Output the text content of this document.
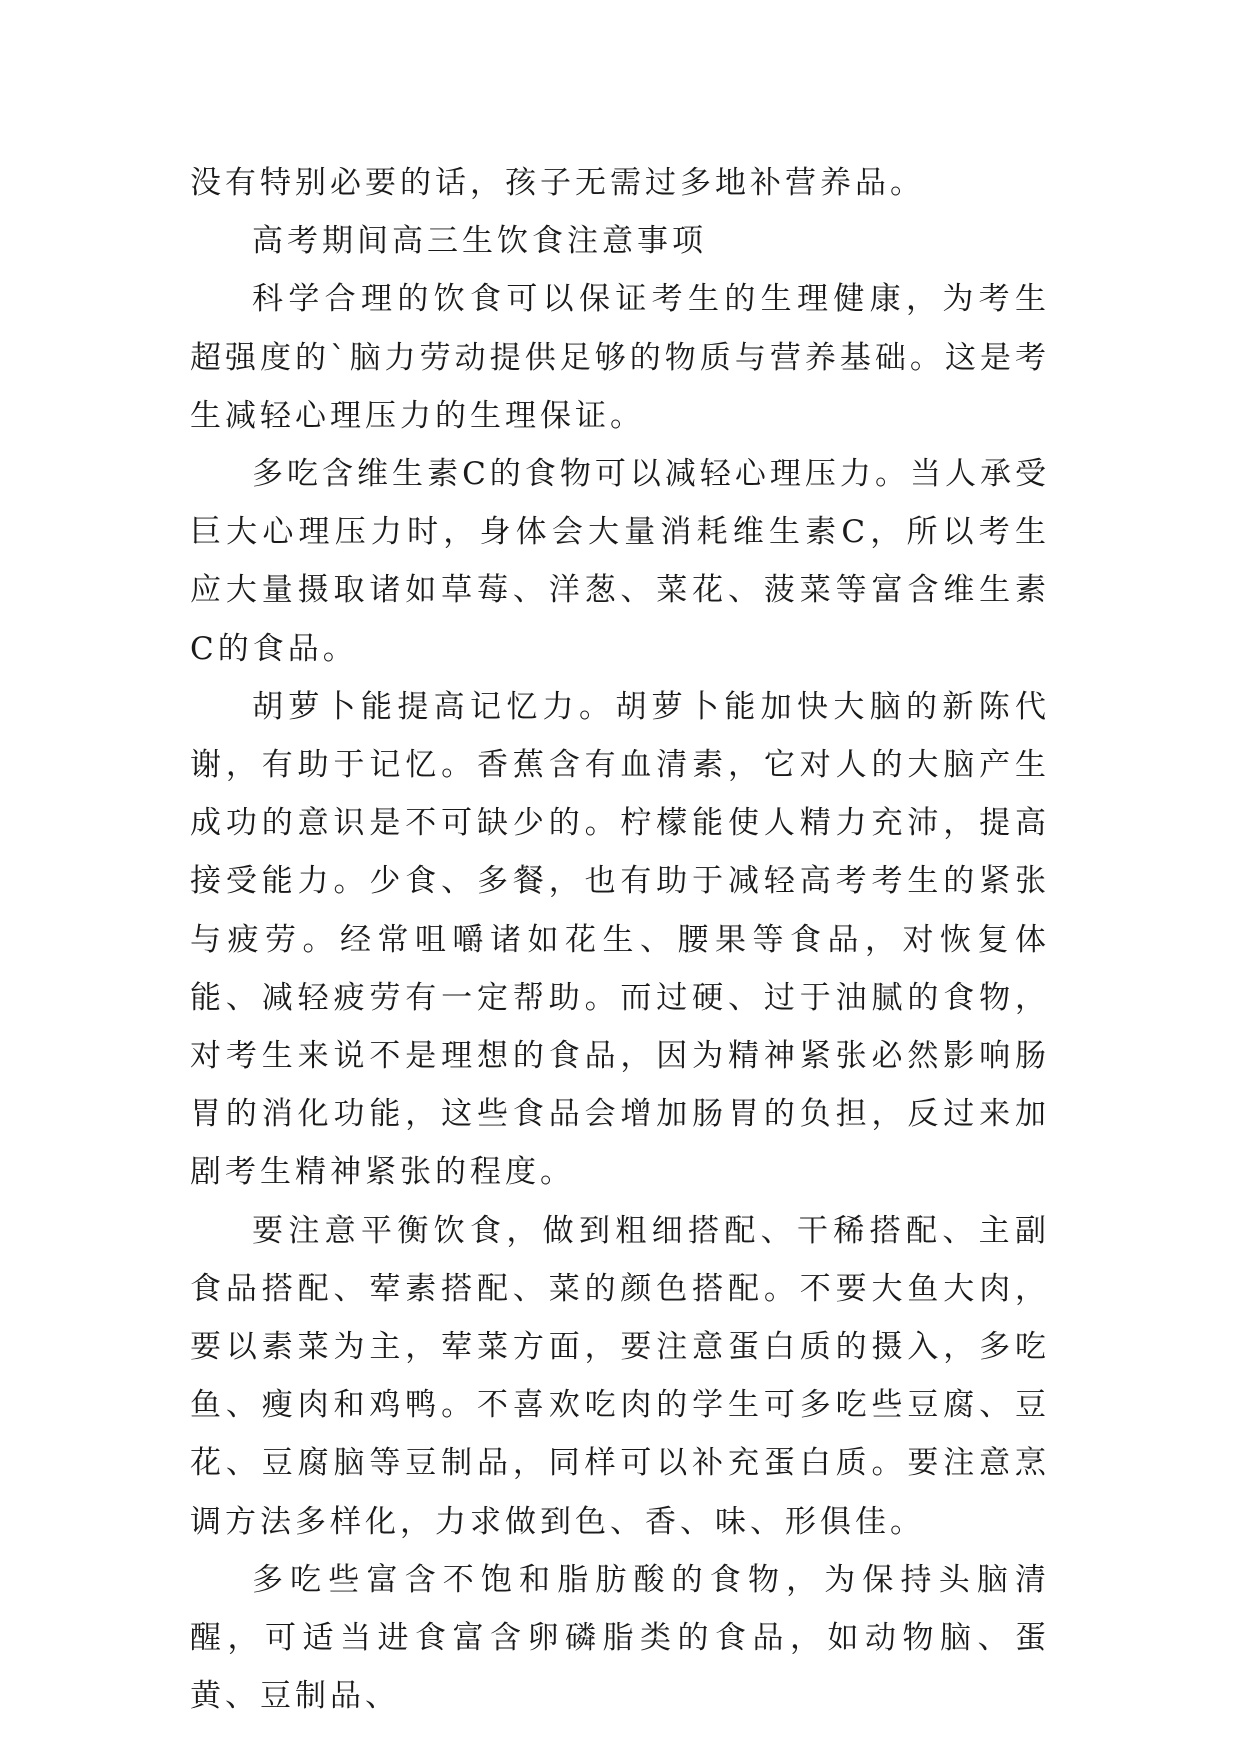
没有特别必要的话，孩子无需过多地补营养品。

高考期间高三生饮食注意事项

科学合理的饮食可以保证考生的生理健康，为考生超强度的`脑力劳动提供足够的物质与营养基础。这是考生减轻心理压力的生理保证。

多吃含维生素C的食物可以减轻心理压力。当人承受巨大心理压力时，身体会大量消耗维生素C，所以考生应大量摄取诸如草莓、洋葱、菜花、菠菜等富含维生素C的食品。

胡萝卜能提高记忆力。胡萝卜能加快大脑的新陈代谢，有助于记忆。香蕉含有血清素，它对人的大脑产生成功的意识是不可缺少的。柠檬能使人精力充沛，提高接受能力。少食、多餐，也有助于减轻高考考生的紧张与疲劳。经常咀嚼诸如花生、腰果等食品，对恢复体能、减轻疲劳有一定帮助。而过硬、过于油腻的食物，对考生来说不是理想的食品，因为精神紧张必然影响肠胃的消化功能，这些食品会增加肠胃的负担，反过来加剧考生精神紧张的程度。

要注意平衡饮食，做到粗细搭配、干稀搭配、主副食品搭配、荤素搭配、菜的颜色搭配。不要大鱼大肉，要以素菜为主，荤菜方面，要注意蛋白质的摄入，多吃鱼、瘦肉和鸡鸭。不喜欢吃肉的学生可多吃些豆腐、豆花、豆腐脑等豆制品，同样可以补充蛋白质。要注意烹调方法多样化，力求做到色、香、味、形俱佳。

多吃些富含不饱和脂肪酸的食物，为保持头脑清醒，可适当进食富含卵磷脂类的食品，如动物脑、蛋黄、豆制品、
